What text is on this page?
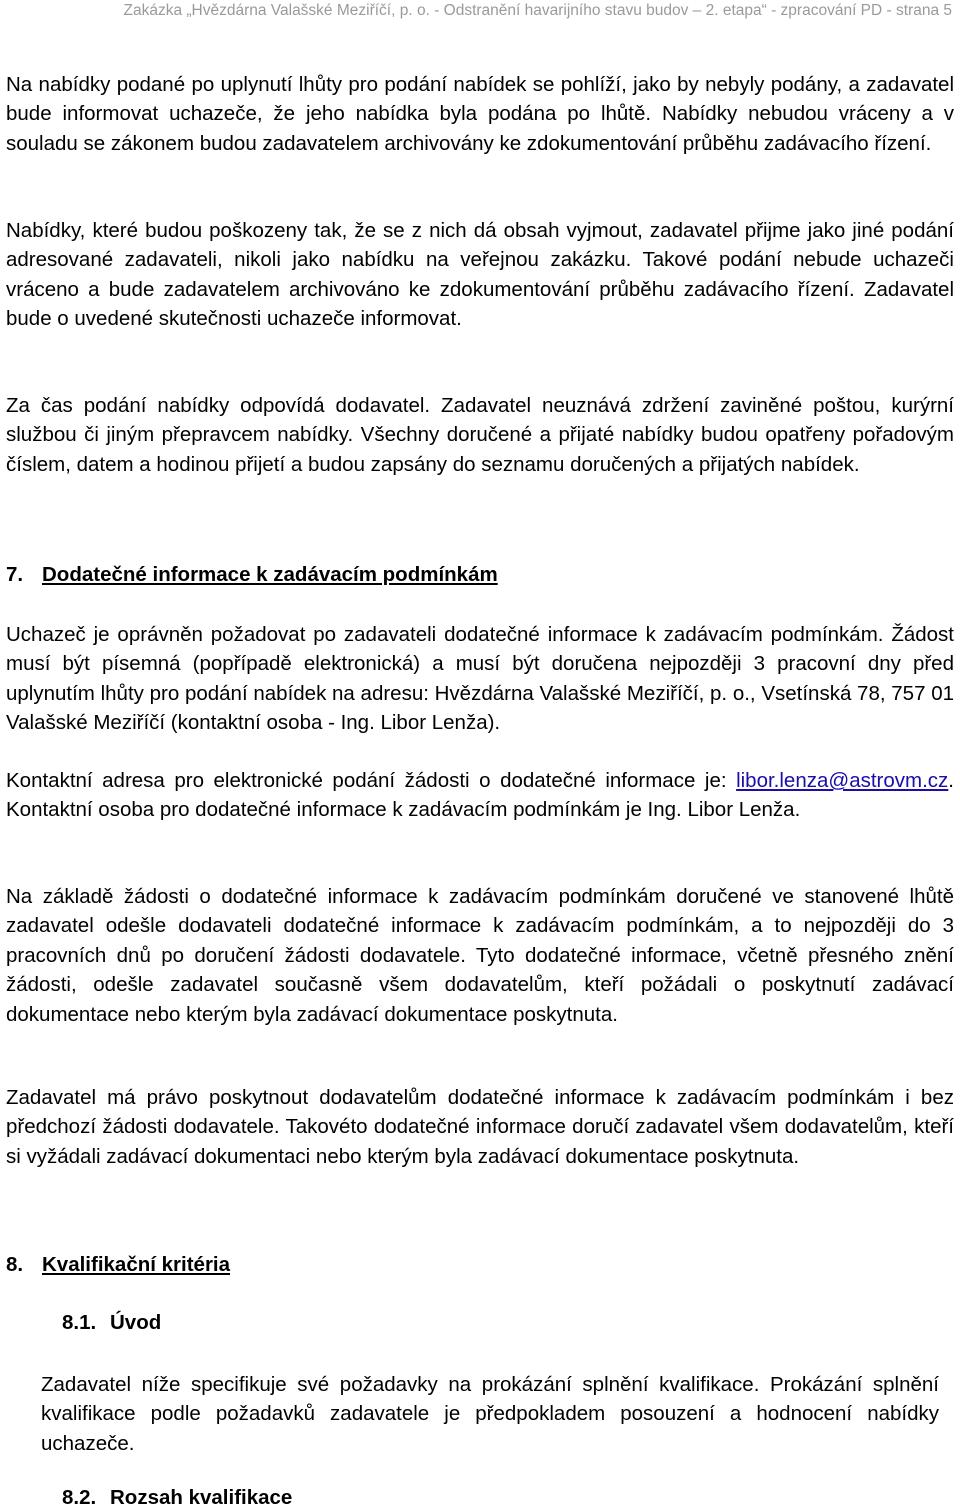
Zakázka „Hvězdárna Valašské Meziříčí, p. o. - Odstranění havarijního stavu budov – 2. etapa“ - zpracování PD - strana 5

Na nabídky podané po uplynutí lhůty pro podání nabídek se pohlíží, jako by nebyly podány, a zadavatel bude informovat uchazeče, že jeho nabídka byla podána po lhůtě. Nabídky nebudou vráceny a v souladu se zákonem budou zadavatelem archivovány ke zdokumentování průběhu zadávacího řízení.

Nabídky, které budou poškozeny tak, že se z nich dá obsah vyjmout, zadavatel přijme jako jiné podání adresované zadavateli, nikoli jako nabídku na veřejnou zakázku. Takové podání nebude uchazeči vráceno a bude zadavatelem archivováno ke zdokumentování průběhu zadávacího řízení. Zadavatel bude o uvedené skutečnosti uchazeče informovat.

Za čas podání nabídky odpovídá dodavatel. Zadavatel neuznává zdržení zaviněné poštou, kurýrní službou či jiným přepravcem nabídky. Všechny doručené a přijaté nabídky budou opatřeny pořadovým číslem, datem a hodinou přijetí a budou zapsány do seznamu doručených a přijatých nabídek.

7. Dodatečné informace k zadávacím podmínkám

Uchazeč je oprávněn požadovat po zadavateli dodatečné informace k zadávacím podmínkám. Žádost musí být písemná (popřípadě elektronická) a musí být doručena nejpozději 3 pracovní dny před uplynutím lhůty pro podání nabídek na adresu: Hvězdárna Valašské Meziříčí, p. o., Vsetínská 78, 757 01 Valašské Meziříčí (kontaktní osoba - Ing. Libor Lenža).

Kontaktní adresa pro elektronické podání žádosti o dodatečné informace je: libor.lenza@astrovm.cz. Kontaktní osoba pro dodatečné informace k zadávacím podmínkám je Ing. Libor Lenža.

Na základě žádosti o dodatečné informace k zadávacím podmínkám doručené ve stanovené lhůtě zadavatel odešle dodavateli dodatečné informace k zadávacím podmínkám, a to nejpozději do 3 pracovních dnů po doručení žádosti dodavatele. Tyto dodatečné informace, včetně přesného znění žádosti, odešle zadavatel současně všem dodavatelům, kteří požádali o poskytnutí zadávací dokumentace nebo kterým byla zadávací dokumentace poskytnuta.

Zadavatel má právo poskytnout dodavatelům dodatečné informace k zadávacím podmínkám i bez předchozí žádosti dodavatele. Takovéto dodatečné informace doručí zadavatel všem dodavatelům, kteří si vyžádali zadávací dokumentaci nebo kterým byla zadávací dokumentace poskytnuta.

8. Kvalifikační kritéria
8.1. Úvod

Zadavatel níže specifikuje své požadavky na prokázání splnění kvalifikace. Prokázání splnění kvalifikace podle požadavků zadavatele je předpokladem posouzení a hodnocení nabídky uchazeče.

8.2. Rozsah kvalifikace
